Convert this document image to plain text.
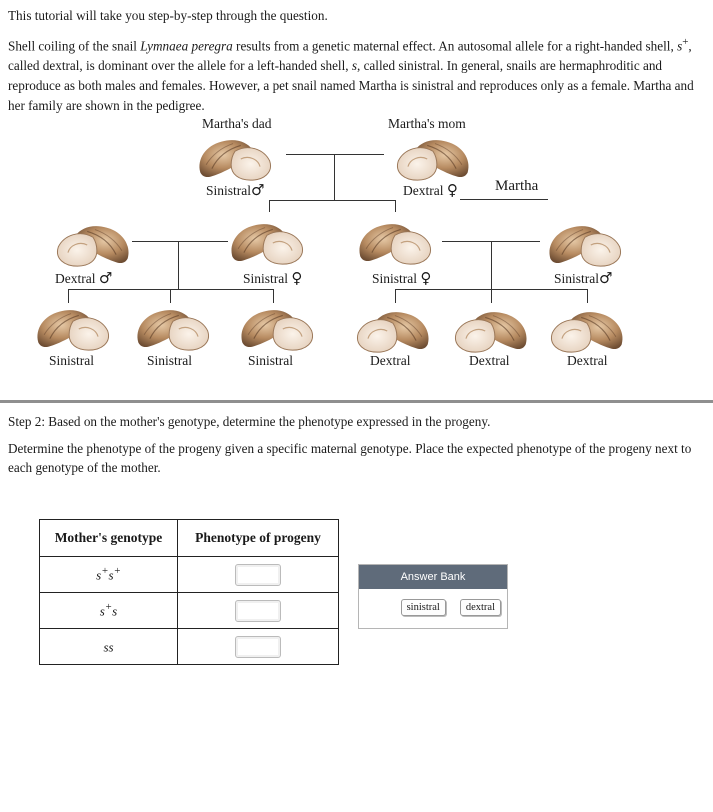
This tutorial will take you step-by-step through the question.

Shell coiling of the snail Lymnaea peregra results from a genetic maternal effect. An autosomal allele for a right-handed shell, s+, called dextral, is dominant over the allele for a left-handed shell, s, called sinistral. In general, snails are hermaphroditic and reproduce as both males and females. However, a pet snail named Martha is sinistral and reproduces only as a female. Martha and her family are shown in the pedigree.

Martha's dad	Martha's mom
Martha
Sinistral♂	Dextral ♀
Dextral ♂	Sinistral ♀	Sinistral ♀	Sinistral♂
Sinistral	Sinistral	Sinistral	Dextral	Dextral	Dextral

Step 2: Based on the mother's genotype, determine the phenotype expressed in the progeny.

Determine the phenotype of the progeny given a specific maternal genotype. Place the expected phenotype of the progeny next to each genotype of the mother.

Mother's genotype	Phenotype of progeny
s+s+	
s+s	
ss	
Answer Bank
sinistral dextral
